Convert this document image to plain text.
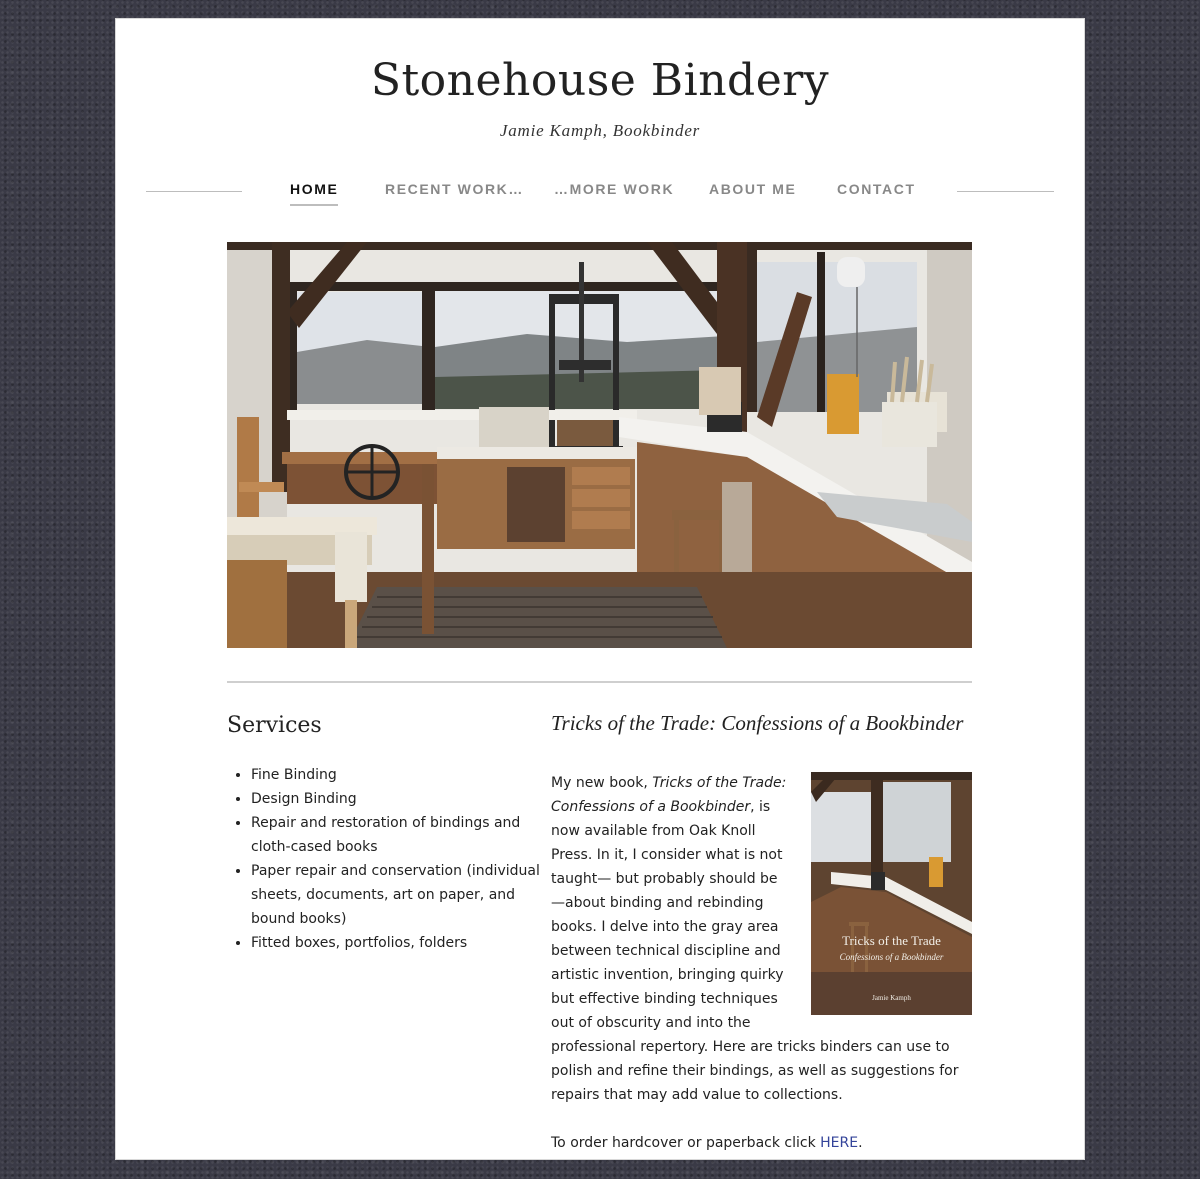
Stonehouse Bindery
Jamie Kamph, Bookbinder
HOME	RECENT WORK… …MORE WORK ABOUT ME	CONTACT
Services
• Fine Binding
• Design Binding
• Repair and restoration of bindings and cloth-cased books
• Paper repair and conservation (individual sheets, documents, art on paper, and bound books)
• Fitted boxes, portfolios, folders
Tricks of the Trade: Confessions of a Bookbinder
Tricks of the Trade
Confessions of a Bookbinder
Jamie Kamph

My new book, Tricks of the Trade: Confessions of a Bookbinder, is now available from Oak Knoll Press. In it, I consider what is not taught— but probably should be—about binding and rebinding books. I delve into the gray area between technical discipline and artistic invention, bringing quirky but effective binding techniques out of obscurity and into the professional repertory. Here are tricks binders can use to polish and refine their bindings, as well as suggestions for repairs that may add value to collections.

To order hardcover or paperback click HERE.
